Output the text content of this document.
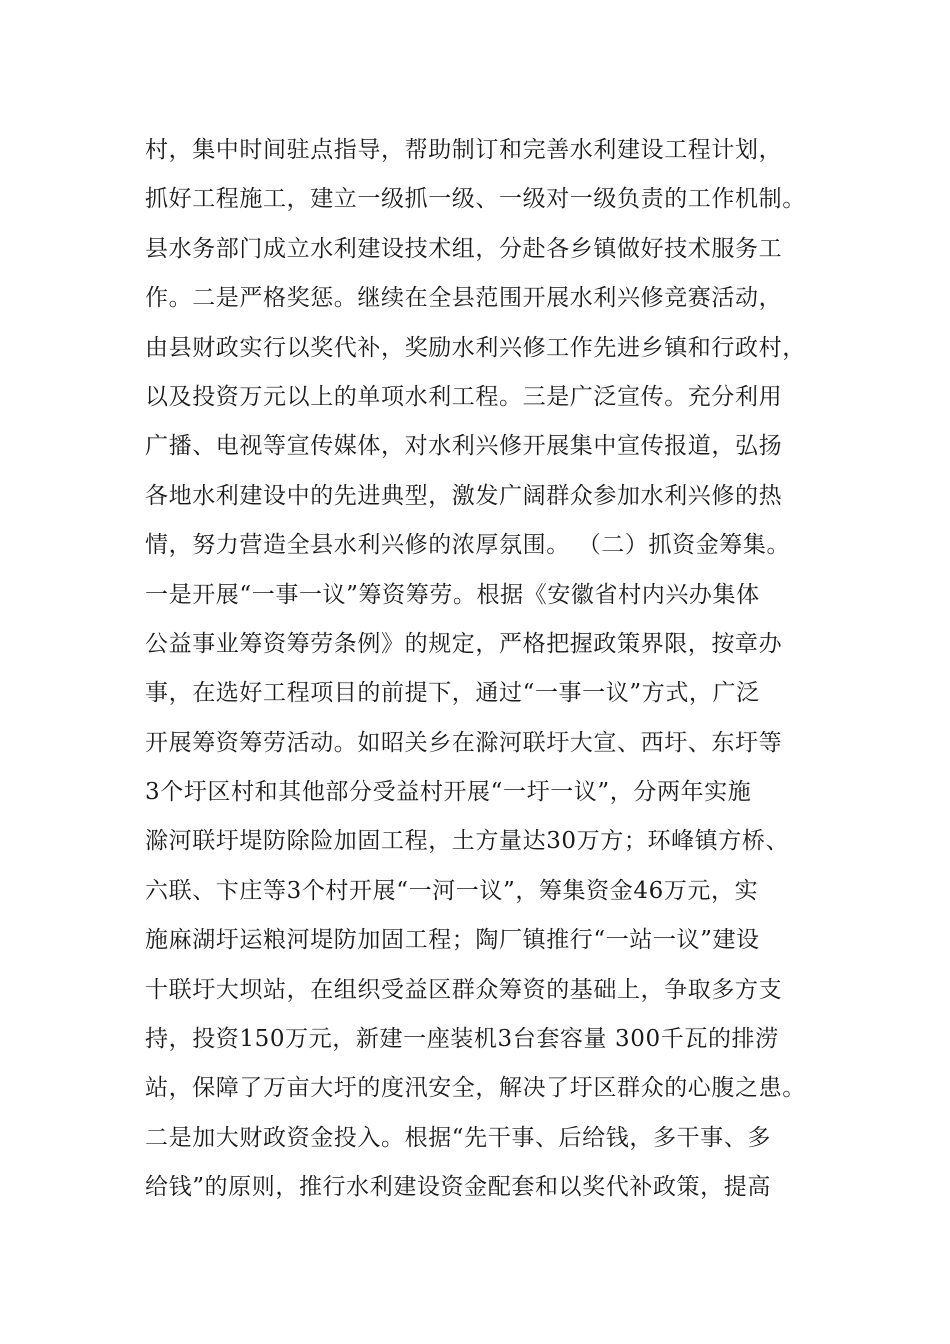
村，集中时间驻点指导，帮助制订和完善水利建设工程计划，
抓好工程施工，建立一级抓一级、一级对一级负责的工作机制。
县水务部门成立水利建设技术组，分赴各乡镇做好技术服务工
作。二是严格奖惩。继续在全县范围开展水利兴修竞赛活动，
由县财政实行以奖代补，奖励水利兴修工作先进乡镇和行政村，
以及投资万元以上的单项水利工程。三是广泛宣传。充分利用
广播、电视等宣传媒体，对水利兴修开展集中宣传报道，弘扬
各地水利建设中的先进典型，激发广阔群众参加水利兴修的热
情，努力营造全县水利兴修的浓厚氛围。 （二）抓资金筹集。
一是开展“一事一议”筹资筹劳。根据《安徽省村内兴办集体
公益事业筹资筹劳条例》的规定，严格把握政策界限，按章办
事，在选好工程项目的前提下，通过“一事一议”方式，广泛
开展筹资筹劳活动。如昭关乡在滁河联圩大宣、西圩、东圩等
3个圩区村和其他部分受益村开展“一圩一议”，分两年实施
滁河联圩堤防除险加固工程，土方量达30万方；环峰镇方桥、
六联、卞庄等3个村开展“一河一议”，筹集资金46万元，实
施麻湖圩运粮河堤防加固工程；陶厂镇推行“一站一议”建设
十联圩大坝站，在组织受益区群众筹资的基础上，争取多方支
持，投资150万元，新建一座装机3台套容量 300千瓦的排涝
站，保障了万亩大圩的度汛安全，解决了圩区群众的心腹之患。
二是加大财政资金投入。根据“先干事、后给钱，多干事、多
给钱”的原则，推行水利建设资金配套和以奖代补政策，提高
